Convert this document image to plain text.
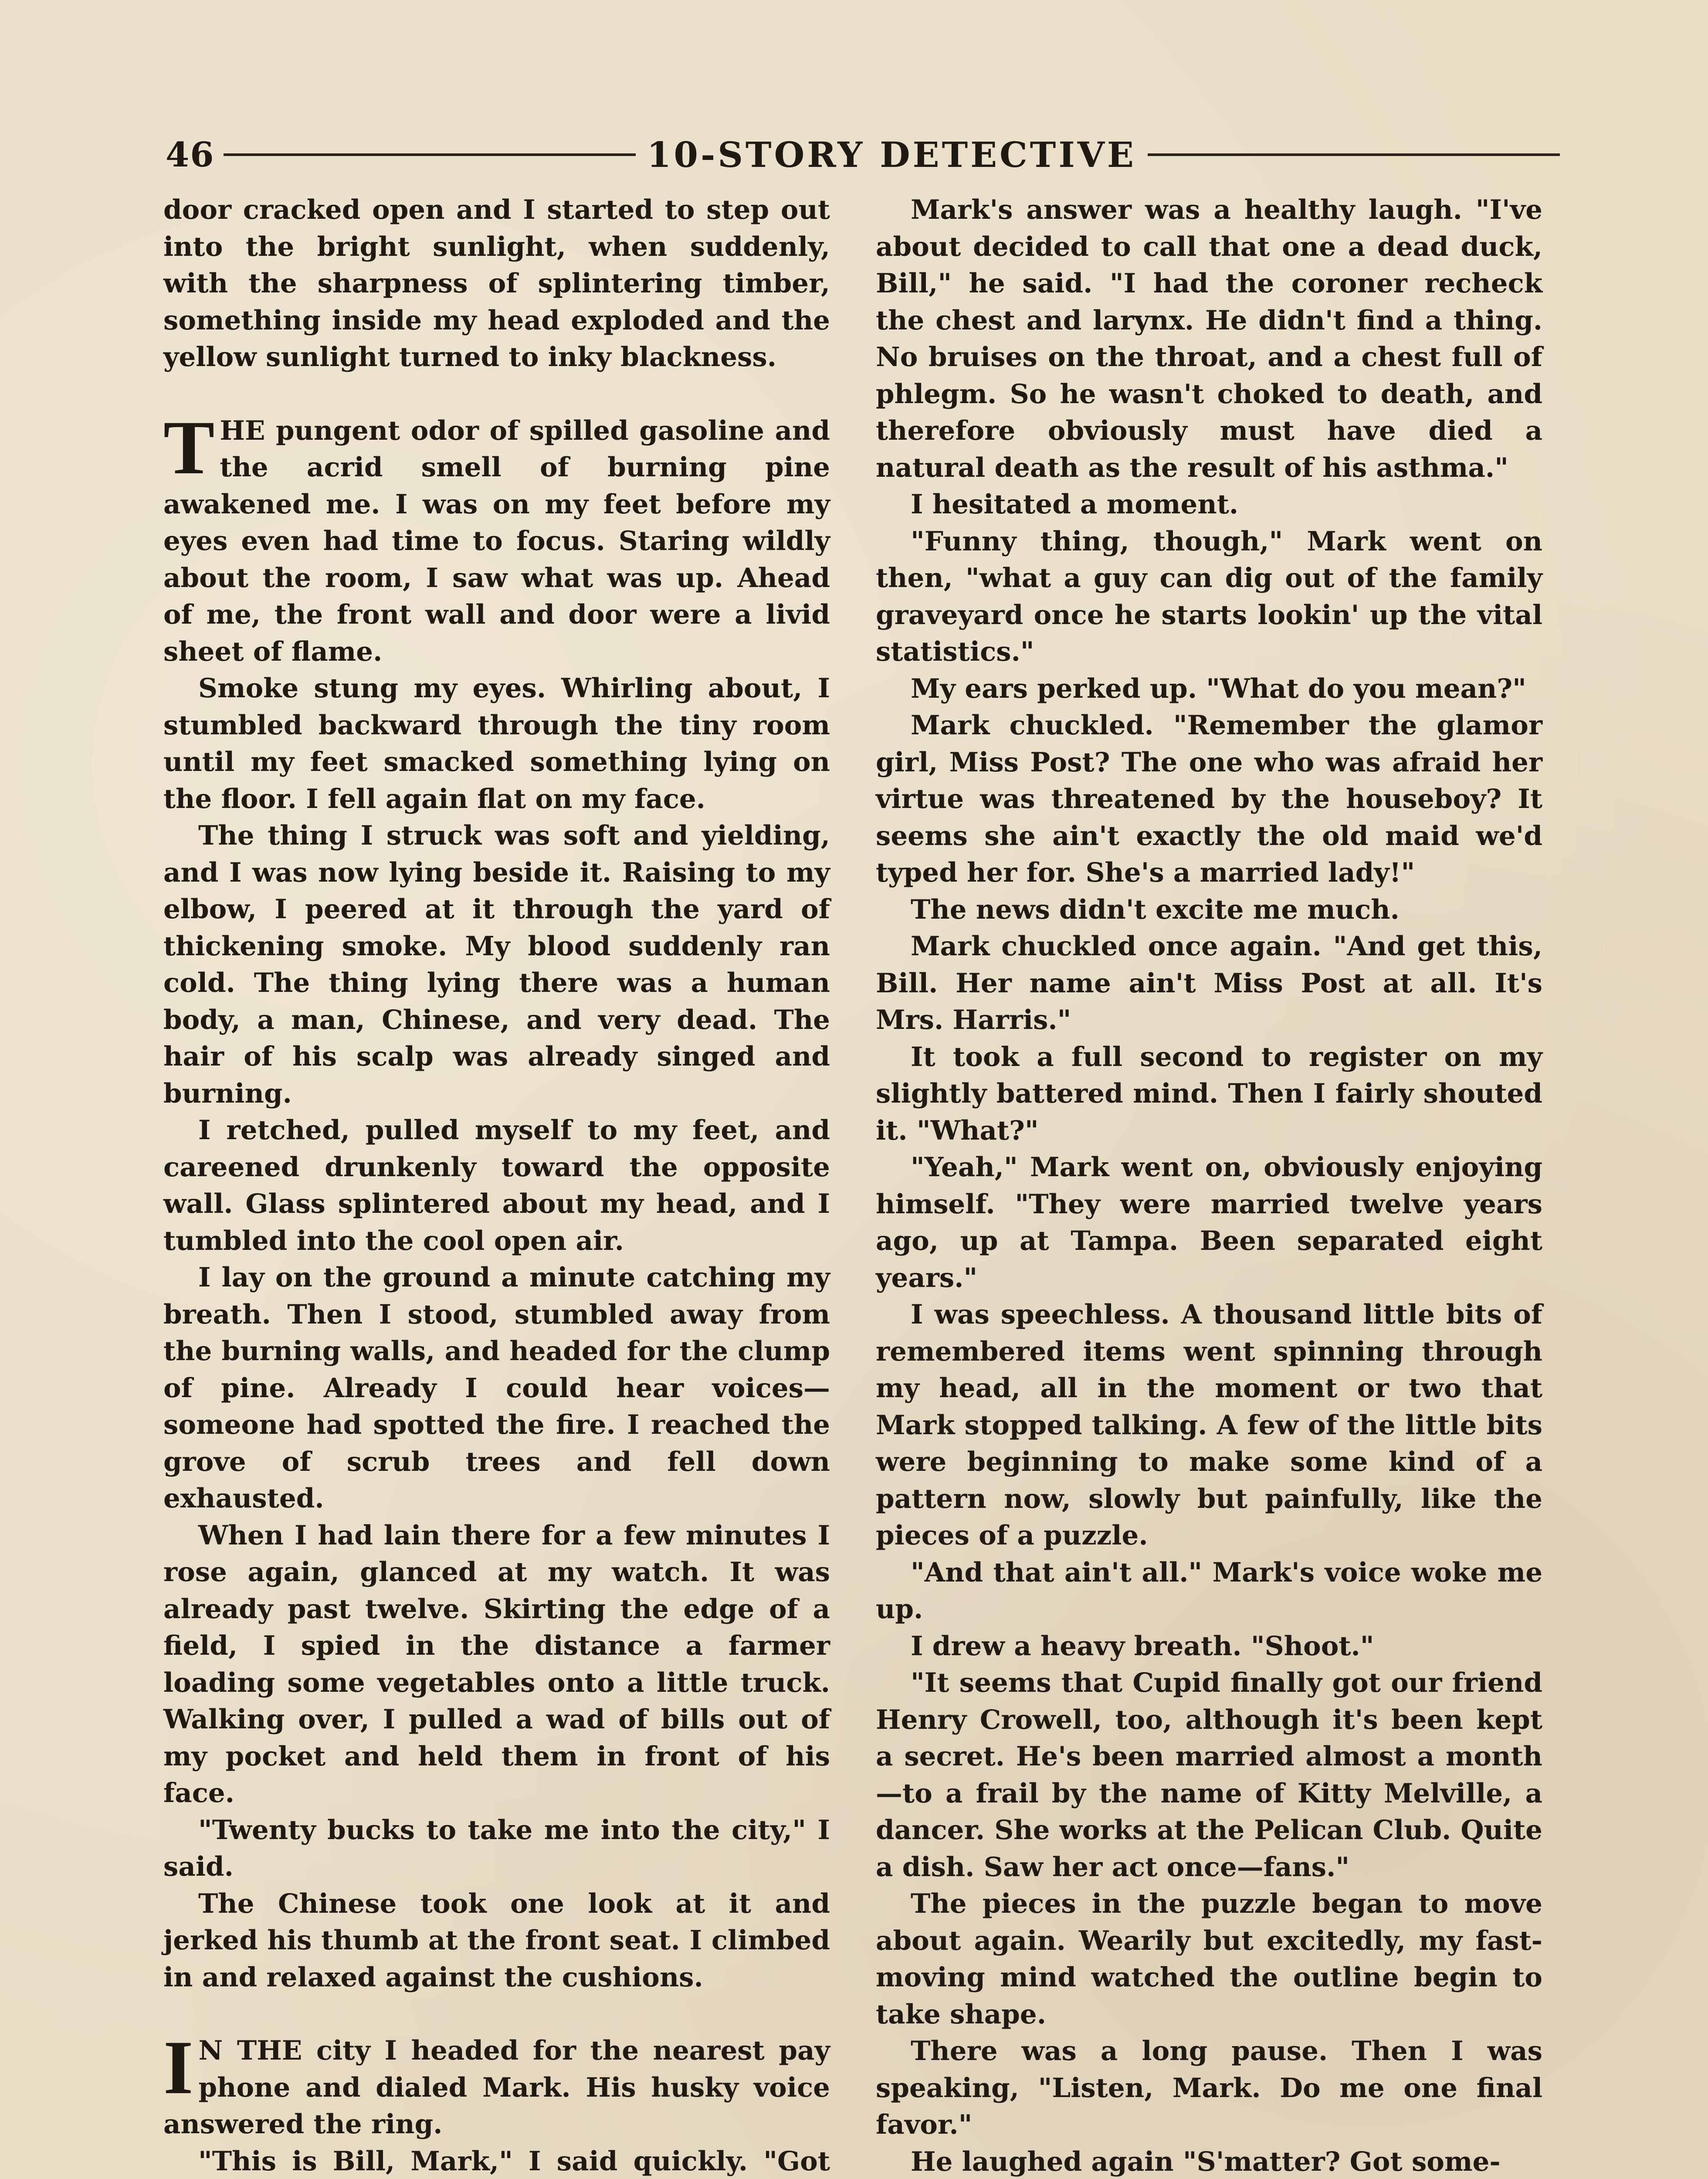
46	10-STORY DETECTIVE

door cracked open and I started to step out into the bright sunlight, when suddenly, with the sharpness of splintering timber, something inside my head exploded and the yellow sunlight turned to inky blackness.

THE pungent odor of spilled gasoline and the acrid smell of burning pine awakened me. I was on my feet before my eyes even had time to focus. Staring wildly about the room, I saw what was up. Ahead of me, the front wall and door were a livid sheet of flame.

Smoke stung my eyes. Whirling about, I stumbled backward through the tiny room until my feet smacked something lying on the floor. I fell again flat on my face.

The thing I struck was soft and yielding, and I was now lying beside it. Raising to my elbow, I peered at it through the yard of thickening smoke. My blood suddenly ran cold. The thing lying there was a human body, a man, Chinese, and very dead. The hair of his scalp was already singed and burning.

I retched, pulled myself to my feet, and careened drunkenly toward the opposite wall. Glass splintered about my head, and I tumbled into the cool open air.

I lay on the ground a minute catching my breath. Then I stood, stumbled away from the burning walls, and headed for the clump of pine. Already I could hear voices—someone had spotted the fire. I reached the grove of scrub trees and fell down exhausted.

When I had lain there for a few minutes I rose again, glanced at my watch. It was already past twelve. Skirting the edge of a field, I spied in the distance a farmer loading some vegetables onto a little truck. Walking over, I pulled a wad of bills out of my pocket and held them in front of his face.

"Twenty bucks to take me into the city," I said.

The Chinese took one look at it and jerked his thumb at the front seat. I climbed in and relaxed against the cushions.

I N THE city I headed for the nearest pay phone and dialed Mark. His husky voice answered the ring.

"This is Bill, Mark," I said quickly. "Got

Mark's answer was a healthy laugh. "I've about decided to call that one a dead duck, Bill," he said. "I had the coroner recheck the chest and larynx. He didn't find a thing. No bruises on the throat, and a chest full of phlegm. So he wasn't choked to death, and therefore obviously must have died a natural death as the result of his asthma."

I hesitated a moment.

"Funny thing, though," Mark went on then, "what a guy can dig out of the family graveyard once he starts lookin' up the vital statistics."

My ears perked up. "What do you mean?"

Mark chuckled. "Remember the glamor girl, Miss Post? The one who was afraid her virtue was threatened by the houseboy? It seems she ain't exactly the old maid we'd typed her for. She's a married lady!"

The news didn't excite me much.

Mark chuckled once again. "And get this, Bill. Her name ain't Miss Post at all. It's Mrs. Harris."

It took a full second to register on my slightly battered mind. Then I fairly shouted it. "What?"

"Yeah," Mark went on, obviously enjoying himself. "They were married twelve years ago, up at Tampa. Been separated eight years."

I was speechless. A thousand little bits of remembered items went spinning through my head, all in the moment or two that Mark stopped talking. A few of the little bits were beginning to make some kind of a pattern now, slowly but painfully, like the pieces of a puzzle.

"And that ain't all." Mark's voice woke me up.

I drew a heavy breath. "Shoot."

"It seems that Cupid finally got our friend Henry Crowell, too, although it's been kept a secret. He's been married almost a month—to a frail by the name of Kitty Melville, a dancer. She works at the Pelican Club. Quite a dish. Saw her act once—fans."

The pieces in the puzzle began to move about again. Wearily but excitedly, my fast-moving mind watched the outline begin to take shape.

There was a long pause. Then I was speaking, "Listen, Mark. Do me one final favor."

He laughed again "S'matter? Got some-
